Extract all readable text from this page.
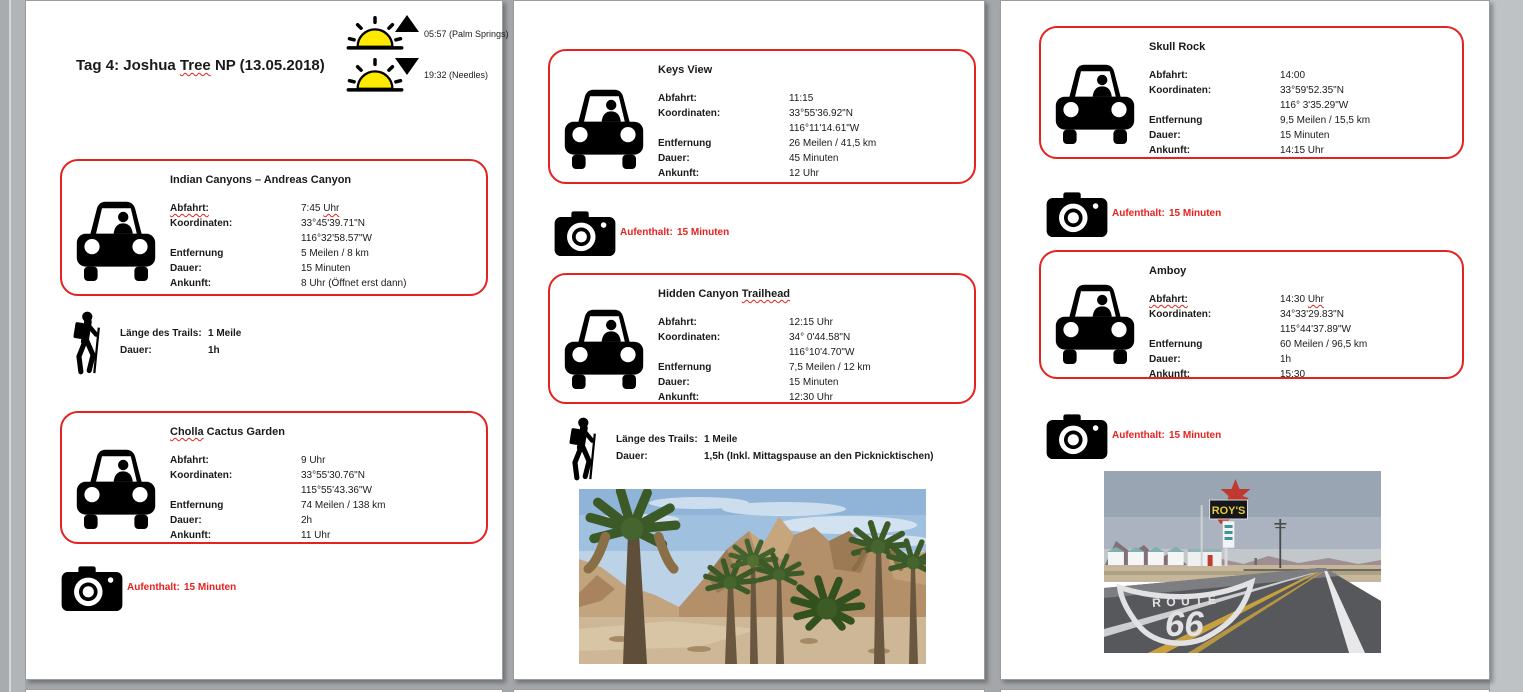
Tag 4: Joshua Tree NP (13.05.2018)
05:57 (Palm Springs)
19:32 (Needles)
Indian Canyons – Andreas Canyon
Abfahrt:	7:45 Uhr
Koordinaten:	33°45'39.71"N
116°32'58.57"W
Entfernung	5 Meilen / 8 km
Dauer:	15 Minuten
Ankunft:	8 Uhr (Öffnet erst dann)
Länge des Trails: 1 Meile
Dauer:	1h
Cholla Cactus Garden
Abfahrt:	9 Uhr
Koordinaten:	33°55'30.76"N
115°55'43.36"W
Entfernung	74 Meilen / 138 km
Dauer:	2h
Ankunft:	11 Uhr
Aufenthalt: 15 Minuten
Keys View
Abfahrt:	11:15
Koordinaten:	33°55'36.92"N
116°11'14.61"W
Entfernung	26 Meilen / 41,5 km
Dauer:	45 Minuten
Ankunft:	12 Uhr
Aufenthalt: 15 Minuten
Hidden Canyon Trailhead
Abfahrt:	12:15 Uhr
Koordinaten:	34° 0'44.58"N
116°10'4.70"W
Entfernung	7,5 Meilen / 12 km
Dauer:	15 Minuten
Ankunft:	12:30 Uhr
Länge des Trails: 1 Meile
Dauer:	1,5h (Inkl. Mittagspause an den Picknicktischen)
Skull Rock
Abfahrt:	14:00
Koordinaten:	33°59'52.35"N
116° 3'35.29"W
Entfernung	9,5 Meilen / 15,5 km
Dauer:	15 Minuten
Ankunft:	14:15 Uhr
Aufenthalt: 15 Minuten
Amboy
Abfahrt:	14:30 Uhr
Koordinaten:	34°33'29.83"N
115°44'37.89"W
Entfernung	60 Meilen / 96,5 km
Dauer:	1h
Ankunft:	15:30
Aufenthalt: 15 Minuten
ROY'S
ROUTE
66
